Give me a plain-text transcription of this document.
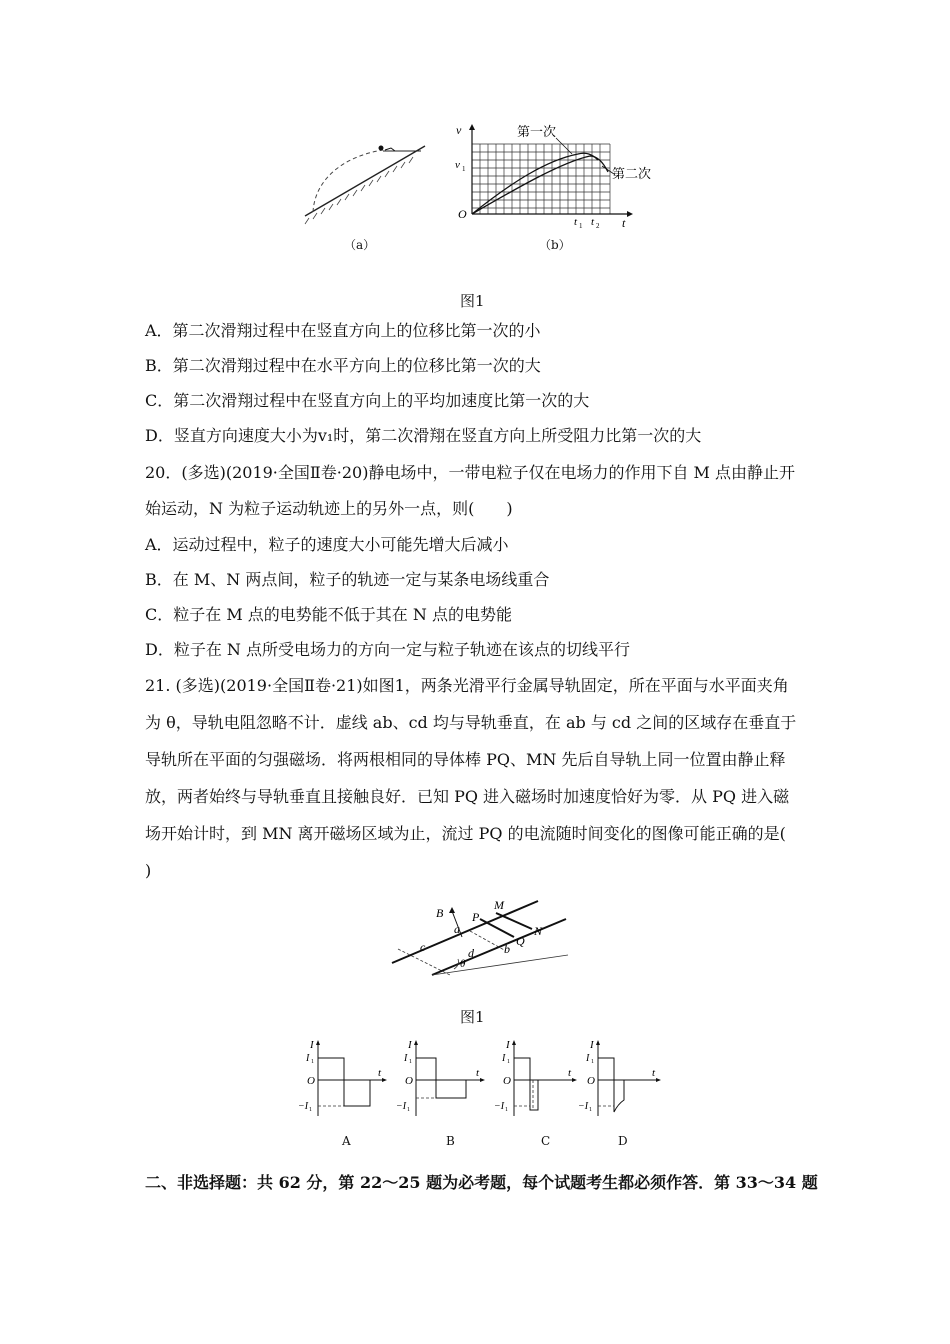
（a）
v
v 1
O
t
t 1 t 2
第一次
第二次
（b）
图1
A．第二次滑翔过程中在竖直方向上的位移比第一次的小
B．第二次滑翔过程中在水平方向上的位移比第一次的大
C．第二次滑翔过程中在竖直方向上的平均加速度比第一次的大
D．竖直方向速度大小为v₁时，第二次滑翔在竖直方向上所受阻力比第一次的大
20．(多选)(2019·全国Ⅱ卷·20)静电场中，一带电粒子仅在电场力的作用下自 M 点由静止开
始运动，N 为粒子运动轨迹上的另外一点，则(　　)
A．运动过程中，粒子的速度大小可能先增大后减小
B．在 M、N 两点间，粒子的轨迹一定与某条电场线重合
C．粒子在 M 点的电势能不低于其在 N 点的电势能
D．粒子在 N 点所受电场力的方向一定与粒子轨迹在该点的切线平行
21. (多选)(2019·全国Ⅱ卷·21)如图1，两条光滑平行金属导轨固定，所在平面与水平面夹角
为 θ，导轨电阻忽略不计．虚线 ab、cd 均与导轨垂直，在 ab 与 cd 之间的区域存在垂直于
导轨所在平面的匀强磁场．将两根相同的导体棒 PQ、MN 先后自导轨上同一位置由静止释
放，两者始终与导轨垂直且接触良好．已知 PQ 进入磁场时加速度恰好为零．从 PQ 进入磁
场开始计时，到 MN 离开磁场区域为止，流过 PQ 的电流随时间变化的图像可能正确的是(
)
B
a
P
M
c	d	b
Q
N
θ
图1
I
I 1
O
−I 1
t
I
I 1
O
−I 1
t
I
I 1
O
−I 1
t
I
I 1
O
−I 1
t
A	B	C	D
二、非选择题：共 62 分，第 22～25 题为必考题，每个试题考生都必须作答．第 33～34 题
